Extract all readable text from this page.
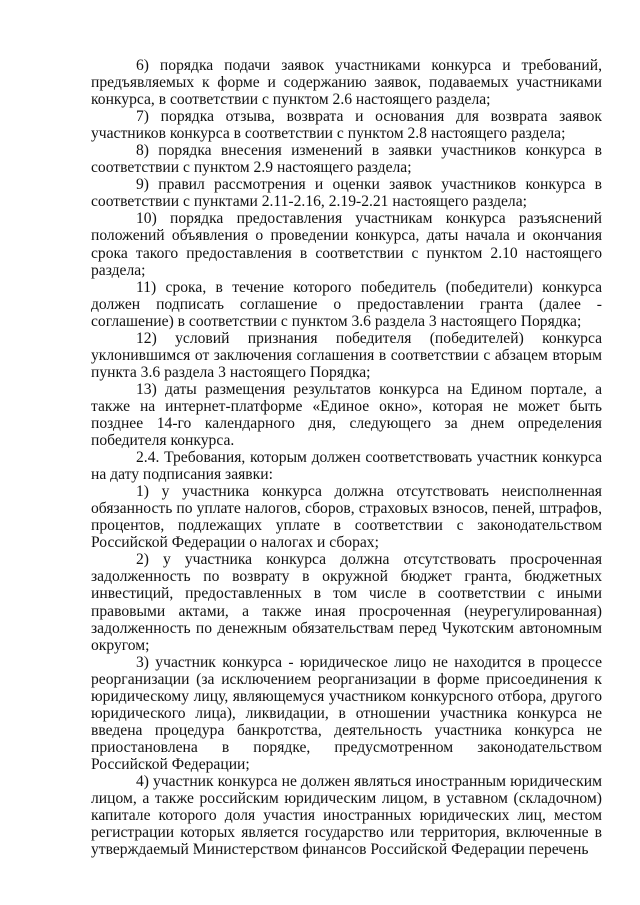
6) порядка подачи заявок участниками конкурса и требований, предъявляемых к форме и содержанию заявок, подаваемых участниками конкурса, в соответствии с пунктом 2.6 настоящего раздела;

7) порядка отзыва, возврата и основания для возврата заявок участников конкурса в соответствии с пунктом 2.8 настоящего раздела;

8) порядка внесения изменений в заявки участников конкурса в соответствии с пунктом 2.9 настоящего раздела;

9) правил рассмотрения и оценки заявок участников конкурса в соответствии с пунктами 2.11-2.16, 2.19-2.21 настоящего раздела;

10) порядка предоставления участникам конкурса разъяснений положений объявления о проведении конкурса, даты начала и окончания срока такого предоставления в соответствии с пунктом 2.10 настоящего раздела;

11) срока, в течение которого победитель (победители) конкурса должен подписать соглашение о предоставлении гранта (далее - соглашение) в соответствии с пунктом 3.6 раздела 3 настоящего Порядка;

12) условий признания победителя (победителей) конкурса уклонившимся от заключения соглашения в соответствии с абзацем вторым пункта 3.6 раздела 3 настоящего Порядка;

13) даты размещения результатов конкурса на Едином портале, а также на интернет-платформе «Единое окно», которая не может быть позднее 14-го календарного дня, следующего за днем определения победителя конкурса.

2.4. Требования, которым должен соответствовать участник конкурса на дату подписания заявки:

1) у участника конкурса должна отсутствовать неисполненная обязанность по уплате налогов, сборов, страховых взносов, пеней, штрафов, процентов, подлежащих уплате в соответствии с законодательством Российской Федерации о налогах и сборах;

2) у участника конкурса должна отсутствовать просроченная задолженность по возврату в окружной бюджет гранта, бюджетных инвестиций, предоставленных в том числе в соответствии с иными правовыми актами, а также иная просроченная (неурегулированная) задолженность по денежным обязательствам перед Чукотским автономным округом;

3) участник конкурса - юридическое лицо не находится в процессе реорганизации (за исключением реорганизации в форме присоединения к юридическому лицу, являющемуся участником конкурсного отбора, другого юридического лица), ликвидации, в отношении участника конкурса не введена процедура банкротства, деятельность участника конкурса не приостановлена в порядке, предусмотренном законодательством Российской Федерации;

4) участник конкурса не должен являться иностранным юридическим лицом, а также российским юридическим лицом, в уставном (складочном) капитале которого доля участия иностранных юридических лиц, местом регистрации которых является государство или территория, включенные в утверждаемый Министерством финансов Российской Федерации перечень
